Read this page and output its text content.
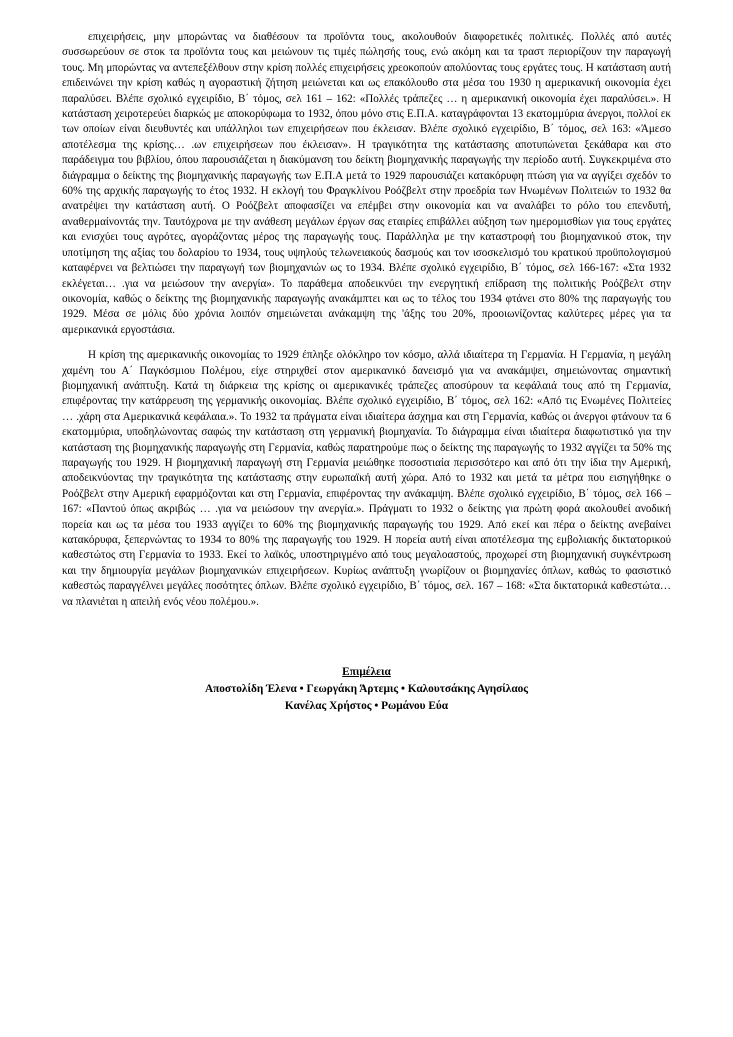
επιχειρήσεις, μην μπορώντας να διαθέσουν τα προϊόντα τους, ακολουθούν διαφορετικές πολιτικές. Πολλές από αυτές συσσωρεύουν σε στοκ τα προϊόντα τους και μειώνουν τις τιμές πώλησής τους, ενώ ακόμη και τα τραστ περιορίζουν την παραγωγή τους. Μη μπορώντας να αντεπεξέλθουν στην κρίση πολλές επιχειρήσεις χρεοκοπούν απολύοντας τους εργάτες τους. Η κατάσταση αυτή επιδεινώνει την κρίση καθώς η αγοραστική ζήτηση μειώνεται και ως επακόλουθο στα μέσα του 1930 η αμερικανική οικονομία έχει παραλύσει. Βλέπε σχολικό εγχειρίδιο, Β΄ τόμος, σελ 161 – 162: «Πολλές τράπεζες … η αμερικανική οικονομία έχει παραλύσει.». Η κατάσταση χειροτερεύει διαρκώς με αποκορύφωμα το 1932, όπου μόνο στις Ε.Π.Α. καταγράφονται 13 εκατομμύρια άνεργοι, πολλοί εκ των οποίων είναι διευθυντές και υπάλληλοι των επιχειρήσεων που έκλεισαν. Βλέπε σχολικό εγχειρίδιο, Β΄ τόμος, σελ 163: «Άμεσο αποτέλεσμα της κρίσης… .ων επιχειρήσεων που έκλεισαν». Η τραγικότητα της κατάστασης αποτυπώνεται ξεκάθαρα και στο παράδειγμα του βιβλίου, όπου παρουσιάζεται η διακύμανση του δείκτη βιομηχανικής παραγωγής την περίοδο αυτή. Συγκεκριμένα στο διάγραμμα ο δείκτης της βιομηχανικής παραγωγής των Ε.Π.Α μετά το 1929 παρουσιάζει κατακόρυφη πτώση για να αγγίξει σχεδόν το 60% της αρχικής παραγωγής το έτος 1932. Η εκλογή του Φραγκλίνου Ροόζβελτ στην προεδρία των Ηνωμένων Πολιτειών το 1932 θα ανατρέψει την κατάσταση αυτή. Ο Ροόζβελτ αποφασίζει να επέμβει στην οικονομία και να αναλάβει το ρόλο του επενδυτή, αναθερμαίνοντάς την. Ταυτόχρονα με την ανάθεση μεγάλων έργων σας εταιρίες επιβάλλει αύξηση των ημερομισθίων για τους εργάτες και ενισχύει τους αγρότες, αγοράζοντας μέρος της παραγωγής τους. Παράλληλα με την καταστροφή του βιομηχανικού στοκ, την υποτίμηση της αξίας του δολαρίου το 1934, τους υψηλούς τελωνειακούς δασμούς και τον ισοσκελισμό του κρατικού προϋπολογισμού καταφέρνει να βελτιώσει την παραγωγή των βιομηχανιών ως το 1934. Βλέπε σχολικό εγχειρίδιο, Β΄ τόμος, σελ 166-167: «Στα 1932 εκλέγεται… .για να μειώσουν την ανεργία». Το παράθεμα αποδεικνύει την ενεργητική επίδραση της πολιτικής Ροόζβελτ στην οικονομία, καθώς ο δείκτης της βιομηχανικής παραγωγής ανακάμπτει και ως το τέλος του 1934 φτάνει στο 80% της παραγωγής του 1929. Μέσα σε μόλις δύο χρόνια λοιπόν σημειώνεται ανάκαμψη της 'άξης του 20%, προοιωνίζοντας καλύτερες μέρες για τα αμερικανικά εργοστάσια.

Η κρίση της αμερικανικής οικονομίας το 1929 έπληξε ολόκληρο τον κόσμο, αλλά ιδιαίτερα τη Γερμανία. Η Γερμανία, η μεγάλη χαμένη του Α΄ Παγκόσμιου Πολέμου, είχε στηριχθεί στον αμερικανικό δανεισμό για να ανακάμψει, σημειώνοντας σημαντική βιομηχανική ανάπτυξη. Κατά τη διάρκεια της κρίσης οι αμερικανικές τράπεζες αποσύρουν τα κεφάλαιά τους από τη Γερμανία, επιφέροντας την κατάρρευση της γερμανικής οικονομίας. Βλέπε σχολικό εγχειρίδιο, Β΄ τόμος, σελ 162: «Από τις Ενωμένες Πολιτείες … .χάρη στα Αμερικανικά κεφάλαια.». Το 1932 τα πράγματα είναι ιδιαίτερα άσχημα και στη Γερμανία, καθώς οι άνεργοι φτάνουν τα 6 εκατομμύρια, υποδηλώνοντας σαφώς την κατάσταση στη γερμανική βιομηχανία. Το διάγραμμα είναι ιδιαίτερα διαφωτιστικό για την κατάσταση της βιομηχανικής παραγωγής στη Γερμανία, καθώς παρατηρούμε πως ο δείκτης της παραγωγής το 1932 αγγίζει τα 50% της παραγωγής του 1929. Η βιομηχανική παραγωγή στη Γερμανία μειώθηκε ποσοστιαία περισσότερο και από ότι την ίδια την Αμερική, αποδεικνύοντας την τραγικότητα της κατάστασης στην ευρωπαϊκή αυτή χώρα. Από το 1932 και μετά τα μέτρα που εισηγήθηκε ο Ροόζβελτ στην Αμερική εφαρμόζονται και στη Γερμανία, επιφέροντας την ανάκαμψη. Βλέπε σχολικό εγχειρίδιο, Β΄ τόμος, σελ 166 – 167: «Παντού όπως ακριβώς … .για να μειώσουν την ανεργία.». Πράγματι το 1932 ο δείκτης για πρώτη φορά ακολουθεί ανοδική πορεία και ως τα μέσα του 1933 αγγίζει το 60% της βιομηχανικής παραγωγής του 1929. Από εκεί και πέρα ο δείκτης ανεβαίνει κατακόρυφα, ξεπερνώντας το 1934 το 80% της παραγωγής του 1929. Η πορεία αυτή είναι αποτέλεσμα της εμβολιακής δικτατορικού καθεστώτος στη Γερμανία το 1933. Εκεί το λαϊκός, υποστηριγμένο από τους μεγαλοαστούς, προχωρεί στη βιομηχανική συγκέντρωση και την δημιουργία μεγάλων βιομηχανικών επιχειρήσεων. Κυρίως ανάπτυξη γνωρίζουν οι βιομηχανίες όπλων, καθώς το φασιστικό καθεστώς παραγγέλνει μεγάλες ποσότητες όπλων. Βλέπε σχολικό εγχειρίδιο, Β΄ τόμος, σελ. 167 – 168: «Στα δικτατορικά καθεστώτα… να πλανιέται η απειλή ενός νέου πολέμου.».

Επιμέλεια
Αποστολίδη Έλενα • Γεωργάκη Άρτεμις • Καλουτσάκης Αγησίλαος
Κανέλας Χρήστος • Ρωμάνου Εύα
